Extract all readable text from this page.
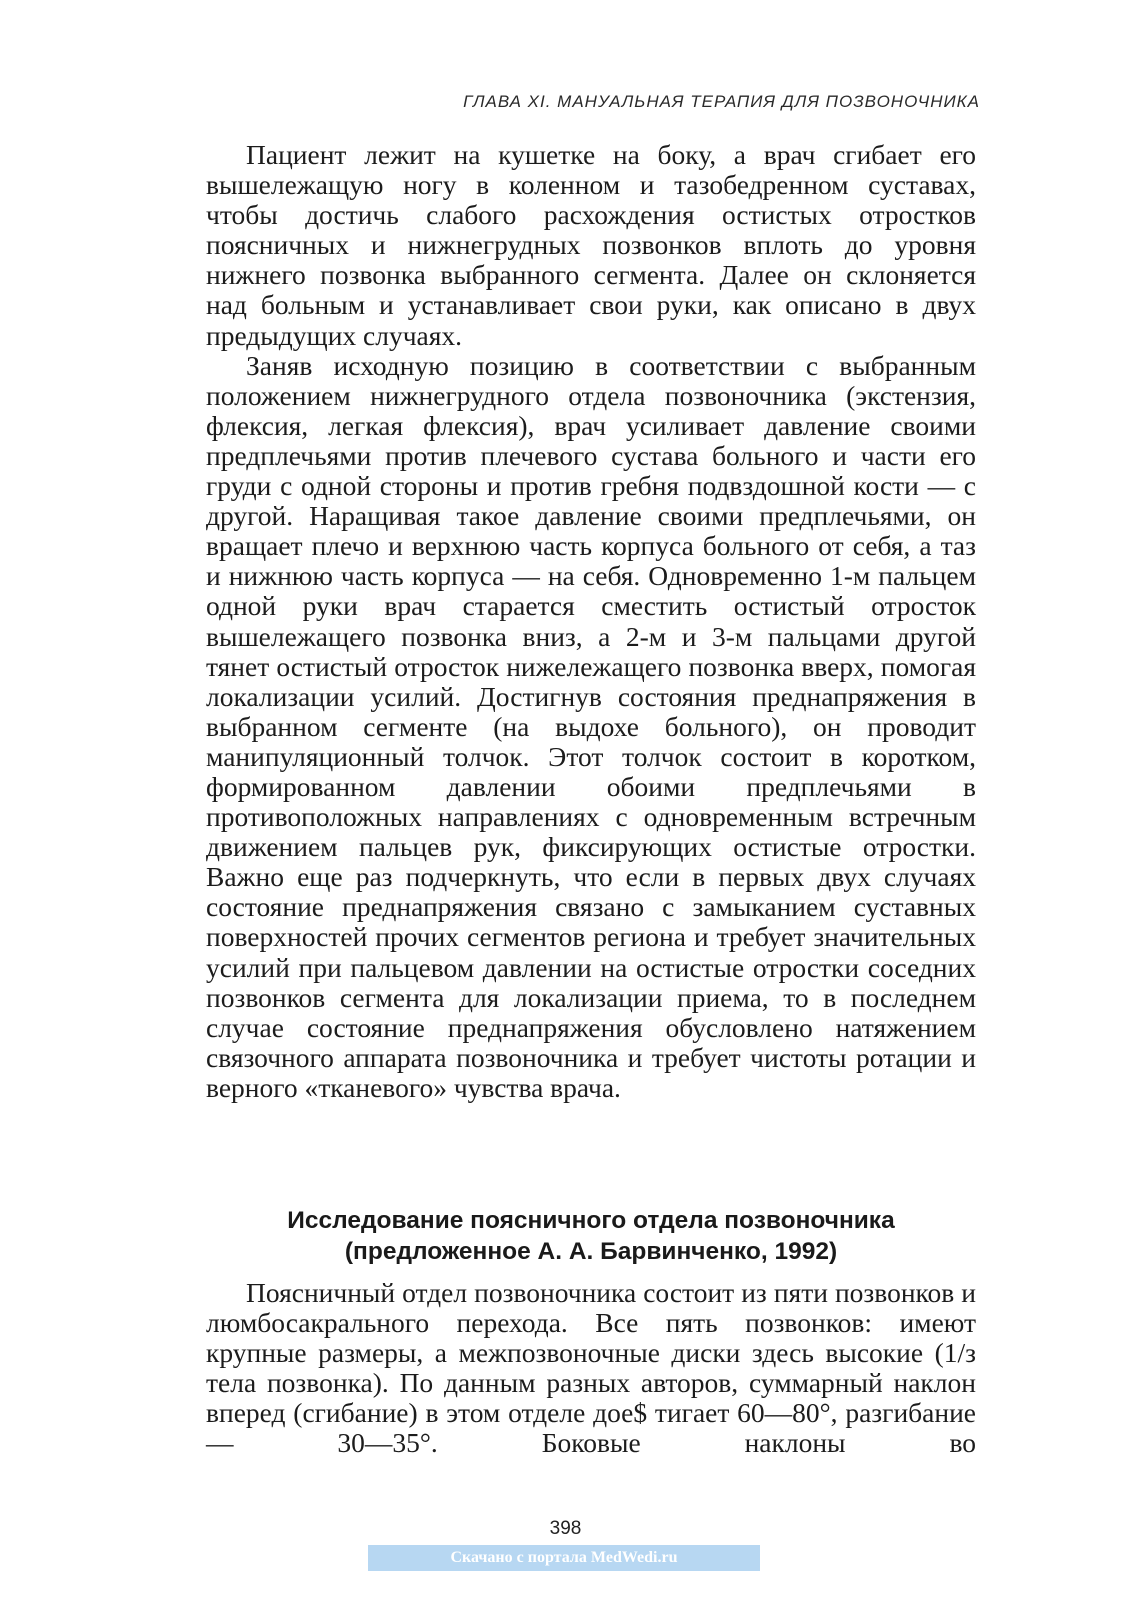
ГЛАВА XI. МАНУАЛЬНАЯ ТЕРАПИЯ ДЛЯ ПОЗВОНОЧНИКА

Пациент лежит на кушетке на боку, а врач сгибает его вышележащую ногу в коленном и тазобедренном суставах, чтобы достичь слабого расхождения остистых отростков поясничных и нижнегрудных позвонков вплоть до уровня нижнего позвонка выбранного сегмента. Далее он склоняется над больным и устанавливает свои руки, как описано в двух предыдущих случаях.

Заняв исходную позицию в соответствии с выбранным положением нижнегрудного отдела позвоночника (экстензия, флексия, легкая флексия), врач усиливает давление своими предплечьями против плечевого сустава больного и части его груди с одной стороны и против гребня подвздошной кости — с другой. Наращивая такое давление своими предплечьями, он вращает плечо и верхнюю часть корпуса больного от себя, а таз и нижнюю часть корпуса — на себя. Одновременно 1-м пальцем одной руки врач старается сместить остистый отросток вышележащего позвонка вниз, а 2-м и 3-м пальцами другой тянет остистый отросток нижележащего позвонка вверх, помогая локализации усилий. Достигнув состояния преднапряжения в выбранном сегменте (на выдохе больного), он проводит манипуляционный толчок. Этот толчок состоит в коротком, формированном давлении обоими предплечьями в противоположных направлениях с одновременным встречным движением пальцев рук, фиксирующих остистые отростки. Важно еще раз подчеркнуть, что если в первых двух случаях состояние преднапряжения связано с замыканием суставных поверхностей прочих сегментов региона и требует значительных усилий при пальцевом давлении на остистые отростки соседних позвонков сегмента для локализации приема, то в последнем случае состояние преднапряжения обусловлено натяжением связочного аппарата позвоночника и требует чистоты ротации и верного «тканевого» чувства врача.

Исследование поясничного отдела позвоночника
(предложенное А. А. Барвинченко, 1992)

Поясничный отдел позвоночника состоит из пяти позвонков и люмбосакрального перехода. Все пять позвонков: имеют крупные размеры, а межпозвоночные диски здесь высокие (1/з тела позвонка). По данным разных авторов, суммарный наклон вперед (сгибание) в этом отделе дое$ тигает 60—80°, разгибание — 30—35°. Боковые наклоны во

398
Скачано с портала MedWedi.ru
